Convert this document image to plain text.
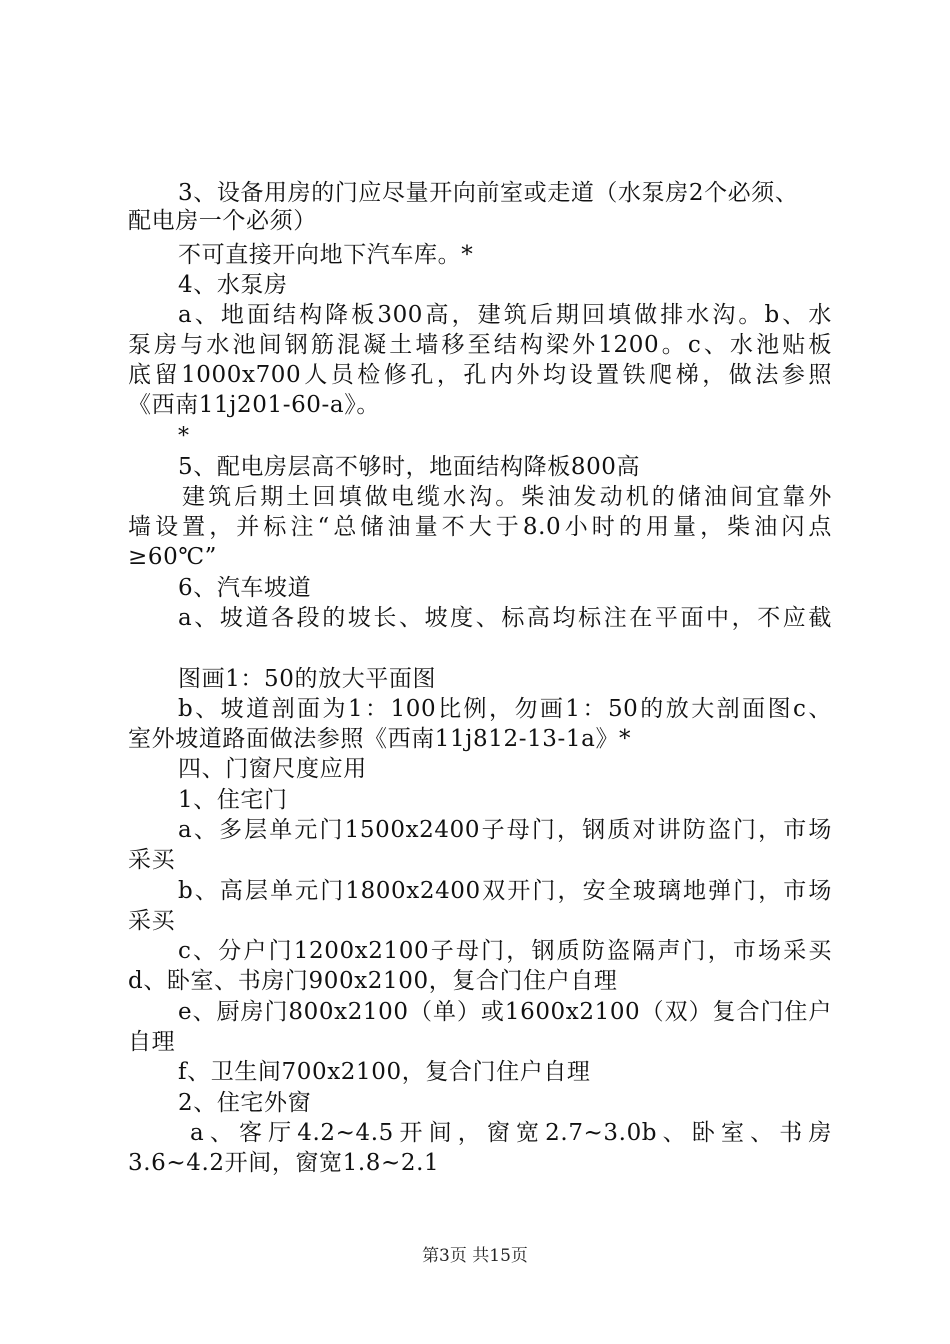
3、设备用房的门应尽量开向前室或走道（水泵房2个必须、
配电房一个必须）
不可直接开向地下汽车库。*
4、水泵房
a、地面结构降板300高，建筑后期回填做排水沟。b、水
泵房与水池间钢筋混凝土墙移至结构梁外1200。c、水池贴板
底留1000x700人员检修孔，孔内外均设置铁爬梯，做法参照
《西南11j201-60-a》。
*
5、配电房层高不够时，地面结构降板800高
建筑后期土回填做电缆水沟。柴油发动机的储油间宜靠外
墙设置，并标注“总储油量不大于8.0小时的用量，柴油闪点
≥60℃”
6、汽车坡道
a、坡道各段的坡长、坡度、标高均标注在平面中，不应截
图画1：50的放大平面图
b、坡道剖面为1：100比例，勿画1：50的放大剖面图c、
室外坡道路面做法参照《西南11j812-13-1a》*
四、门窗尺度应用
1、住宅门
a、多层单元门1500x2400子母门，钢质对讲防盗门，市场
采买
b、高层单元门1800x2400双开门，安全玻璃地弹门，市场
采买
c、分户门1200x2100子母门，钢质防盗隔声门，市场采买
d、卧室、书房门900x2100，复合门住户自理
e、厨房门800x2100（单）或1600x2100（双）复合门住户
自理
f、卫生间700x2100，复合门住户自理
2、住宅外窗
a、客厅4.2~4.5开间，窗宽2.7~3.0b、卧室、书房
3.6~4.2开间，窗宽1.8~2.1
第3页 共15页
